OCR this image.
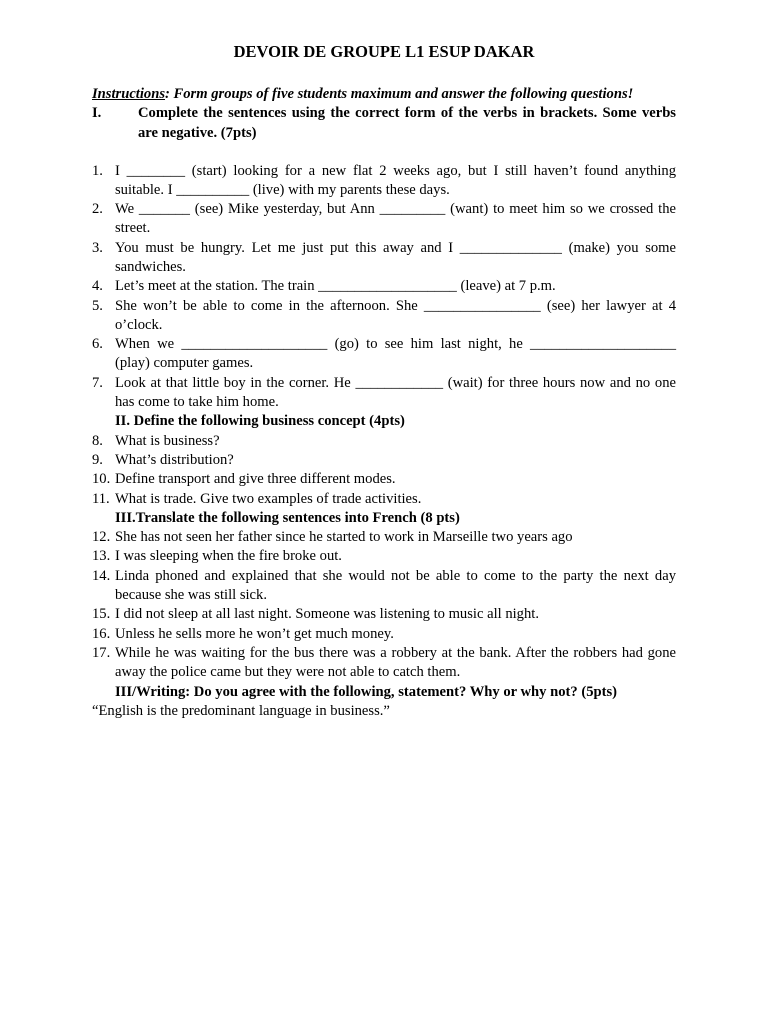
DEVOIR DE GROUPE L1 ESUP DAKAR
Instructions: Form groups of five students maximum and answer the following questions!
I.	Complete the sentences using the correct form of the verbs in brackets. Some verbs are negative. (7pts)
1. I ________ (start) looking for a new flat 2 weeks ago, but I still haven’t found anything suitable. I __________ (live) with my parents these days.
2. We _______ (see) Mike yesterday, but Ann _________ (want) to meet him so we crossed the street.
3. You must be hungry. Let me just put this away and I ______________ (make) you some sandwiches.
4. Let’s meet at the station. The train ___________________ (leave) at 7 p.m.
5. She won’t be able to come in the afternoon. She ________________ (see) her lawyer at 4 o’clock.
6. When we ____________________ (go) to see him last night, he ____________________ (play) computer games.
7. Look at that little boy in the corner. He ____________ (wait) for three hours now and no one has come to take him home.
II. Define the following business concept (4pts)
8. What is business?
9. What’s distribution?
10. Define transport and give three different modes.
11. What is trade. Give two examples of trade activities.
III.Translate the following sentences into French (8 pts)
12. She has not seen her father since he started to work in Marseille two years ago
13. I was sleeping when the fire broke out.
14. Linda phoned and explained that she would not be able to come to the party the next day because she was still sick.
15. I did not sleep at all last night. Someone was listening to music all night.
16. Unless he sells more he won’t get much money.
17. While he was waiting for the bus there was a robbery at the bank. After the robbers had gone away the police came but they were not able to catch them.
III/Writing: Do you agree with the following, statement? Why or why not? (5pts)
“English is the predominant language in business.”
